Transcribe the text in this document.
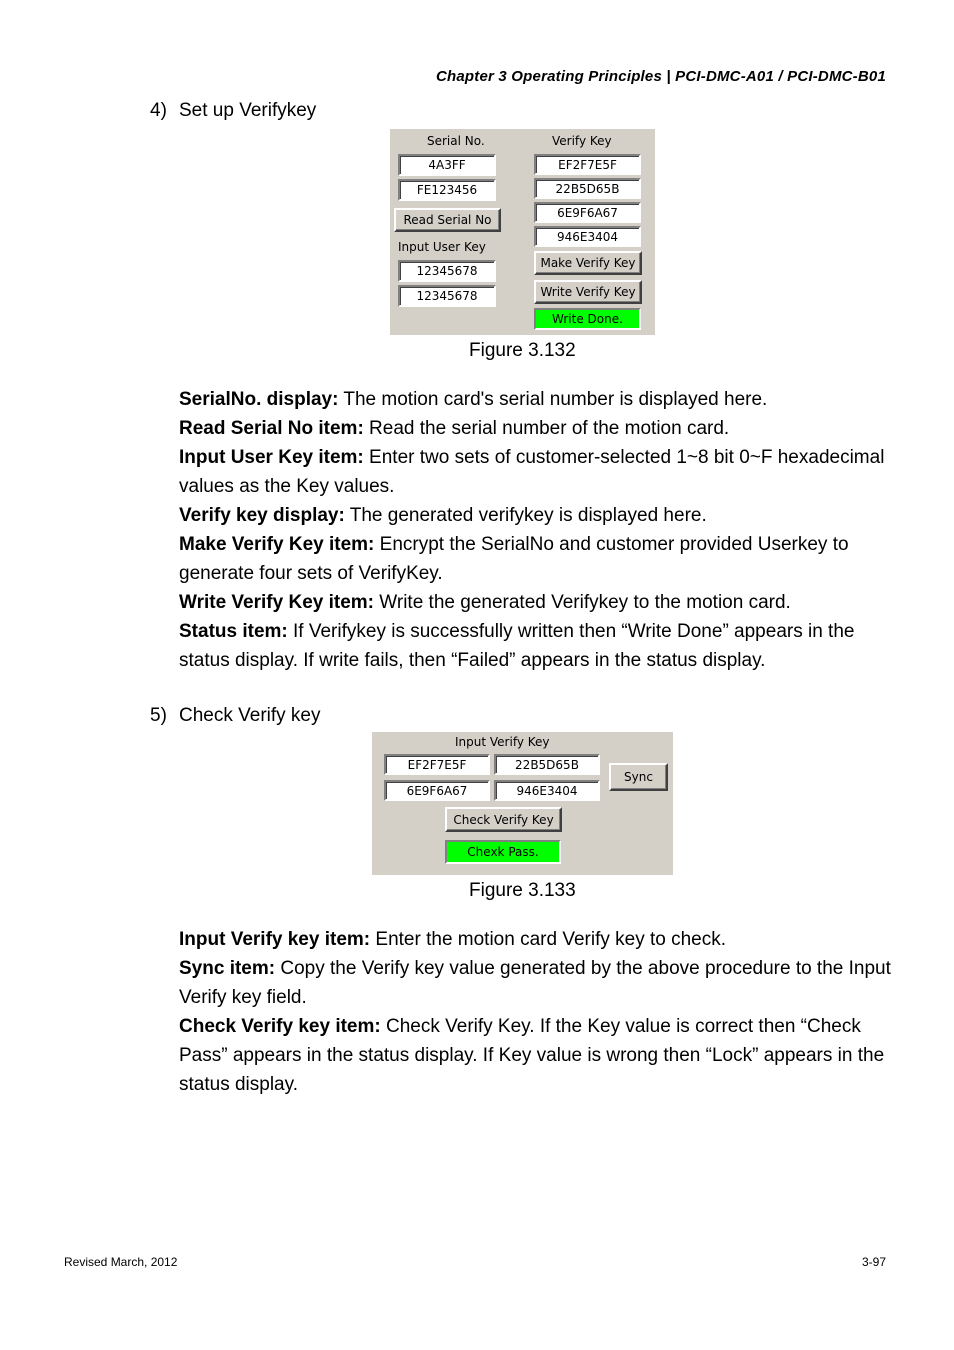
Chapter 3 Operating Principles | PCI-DMC-A01 / PCI-DMC-B01
4) Set up Verifykey
Serial No.
4A3FF
FE123456
Read Serial No
Input User Key
12345678
12345678
Verify Key
EF2F7E5F
22B5D65B
6E9F6A67
946E3404
Make Verify Key
Write Verify Key
Write Done.
Figure 3.132

SerialNo. display: The motion card's serial number is displayed here.

Read Serial No item: Read the serial number of the motion card.

Input User Key item: Enter two sets of customer-selected 1~8 bit 0~F hexadecimal values as the Key values.

Verify key display: The generated verifykey is displayed here.

Make Verify Key item: Encrypt the SerialNo and customer provided Userkey to generate four sets of VerifyKey.

Write Verify Key item: Write the generated Verifykey to the motion card.

Status item: If Verifykey is successfully written then “Write Done” appears in the status display. If write fails, then “Failed” appears in the status display.

5) Check Verify key
Input Verify Key
EF2F7E5F	22B5D65B
6E9F6A67	946E3404
Sync
Check Verify Key
Chexk Pass.
Figure 3.133

Input Verify key item: Enter the motion card Verify key to check.

Sync item: Copy the Verify key value generated by the above procedure to the Input Verify key field.

Check Verify key item: Check Verify Key. If the Key value is correct then “Check Pass” appears in the status display. If Key value is wrong then “Lock” appears in the status display.

Revised March, 2012	3-97
